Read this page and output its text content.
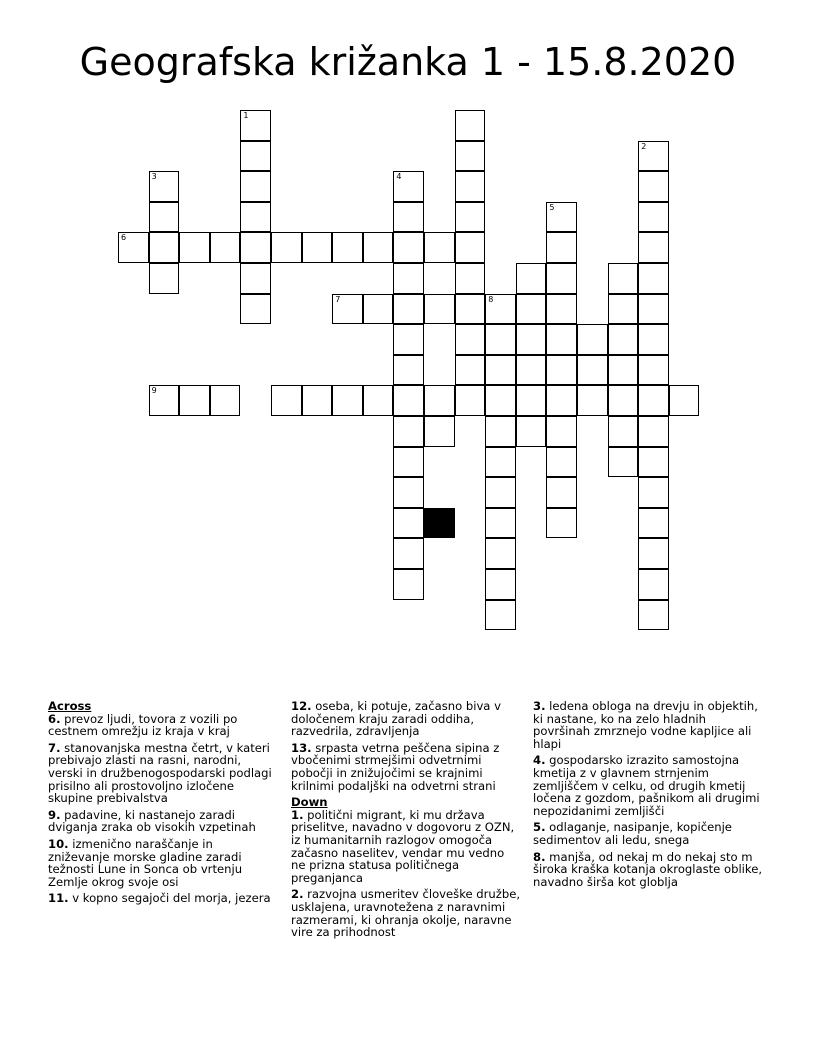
Geografska križanka 1 - 15.8.2020
1
2
3	4
5
6
7	8
9

Across

6. prevoz ljudi, tovora z vozili po cestnem omrežju iz kraja v kraj

7. stanovanjska mestna četrt, v kateri prebivajo zlasti na rasni, narodni, verski in družbenogospodarski podlagi prisilno ali prostovoljno izločene skupine prebivalstva

9. padavine, ki nastanejo zaradi dviganja zraka ob visokih vzpetinah

10. izmenično naraščanje in zniževanje morske gladine zaradi težnosti Lune in Sonca ob vrtenju Zemlje okrog svoje osi

11. v kopno segajoči del morja, jezera

12. oseba, ki potuje, začasno biva v določenem kraju zaradi oddiha, razvedrila, zdravljenja

13. srpasta vetrna peščena sipina z vbočenimi strmejšimi odvetrnimi pobočji in znižujočimi se krajnimi krilnimi podaljški na odvetrni strani

Down

1. politični migrant, ki mu država priselitve, navadno v dogovoru z OZN, iz humanitarnih razlogov omogoča začasno naselitev, vendar mu vedno ne prizna statusa političnega preganjanca

2. razvojna usmeritev človeške družbe, usklajena, uravnotežena z naravnimi razmerami, ki ohranja okolje, naravne vire za prihodnost

3. ledena obloga na drevju in objektih, ki nastane, ko na zelo hladnih površinah zmrznejo vodne kapljice ali hlapi

4. gospodarsko izrazito samostojna kmetija z v glavnem strnjenim zemljiščem v celku, od drugih kmetij ločena z gozdom, pašnikom ali drugimi nepozidanimi zemljišči

5. odlaganje, nasipanje, kopičenje sedimentov ali ledu, snega

8. manjša, od nekaj m do nekaj sto m široka kraška kotanja okroglaste oblike, navadno širša kot globlja
